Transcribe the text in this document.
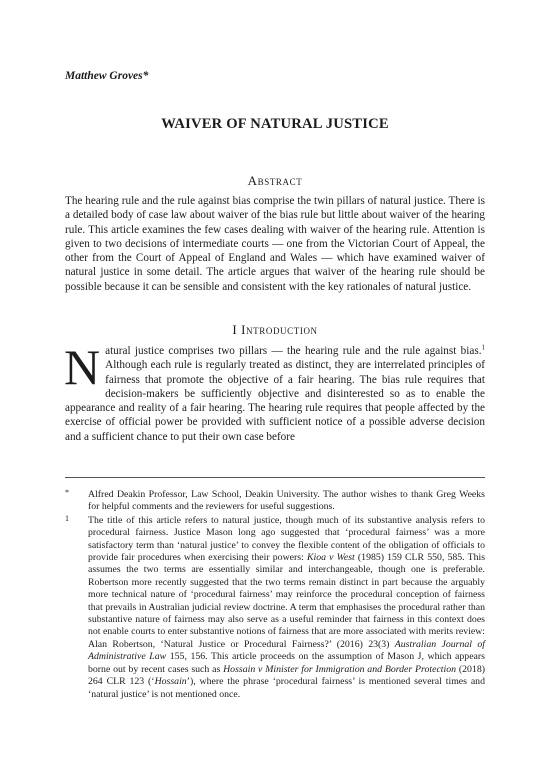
Matthew Groves*
WAIVER OF NATURAL JUSTICE
Abstract
The hearing rule and the rule against bias comprise the twin pillars of natural justice. There is a detailed body of case law about waiver of the bias rule but little about waiver of the hearing rule. This article examines the few cases dealing with waiver of the hearing rule. Attention is given to two decisions of intermediate courts — one from the Victorian Court of Appeal, the other from the Court of Appeal of England and Wales — which have examined waiver of natural justice in some detail. The article argues that waiver of the hearing rule should be possible because it can be sensible and consistent with the key rationales of natural justice.
I Introduction
Natural justice comprises two pillars — the hearing rule and the rule against bias.$^1$ Although each rule is regularly treated as distinct, they are interrelated principles of fairness that promote the objective of a fair hearing. The bias rule requires that decision-makers be sufficiently objective and disinterested so as to enable the appearance and reality of a fair hearing. The hearing rule requires that people affected by the exercise of official power be provided with sufficient notice of a possible adverse decision and a sufficient chance to put their own case before
* Alfred Deakin Professor, Law School, Deakin University. The author wishes to thank Greg Weeks for helpful comments and the reviewers for useful suggestions.
1 The title of this article refers to natural justice, though much of its substantive analysis refers to procedural fairness. Justice Mason long ago suggested that ‘procedural fairness’ was a more satisfactory term than ‘natural justice’ to convey the flexible content of the obligation of officials to provide fair procedures when exercising their powers: Kioa v West (1985) 159 CLR 550, 585. This assumes the two terms are essentially similar and interchangeable, though one is preferable. Robertson more recently suggested that the two terms remain distinct in part because the arguably more technical nature of ‘procedural fairness’ may reinforce the procedural conception of fairness that prevails in Australian judicial review doctrine. A term that emphasises the procedural rather than substantive nature of fairness may also serve as a useful reminder that fairness in this context does not enable courts to enter substantive notions of fairness that are more associated with merits review: Alan Robertson, ‘Natural Justice or Procedural Fairness?’ (2016) 23(3) Australian Journal of Administrative Law 155, 156. This article proceeds on the assumption of Mason J, which appears borne out by recent cases such as Hossain v Minister for Immigration and Border Protection (2018) 264 CLR 123 (‘Hossain’), where the phrase ‘procedural fairness’ is mentioned several times and ‘natural justice’ is not mentioned once.
